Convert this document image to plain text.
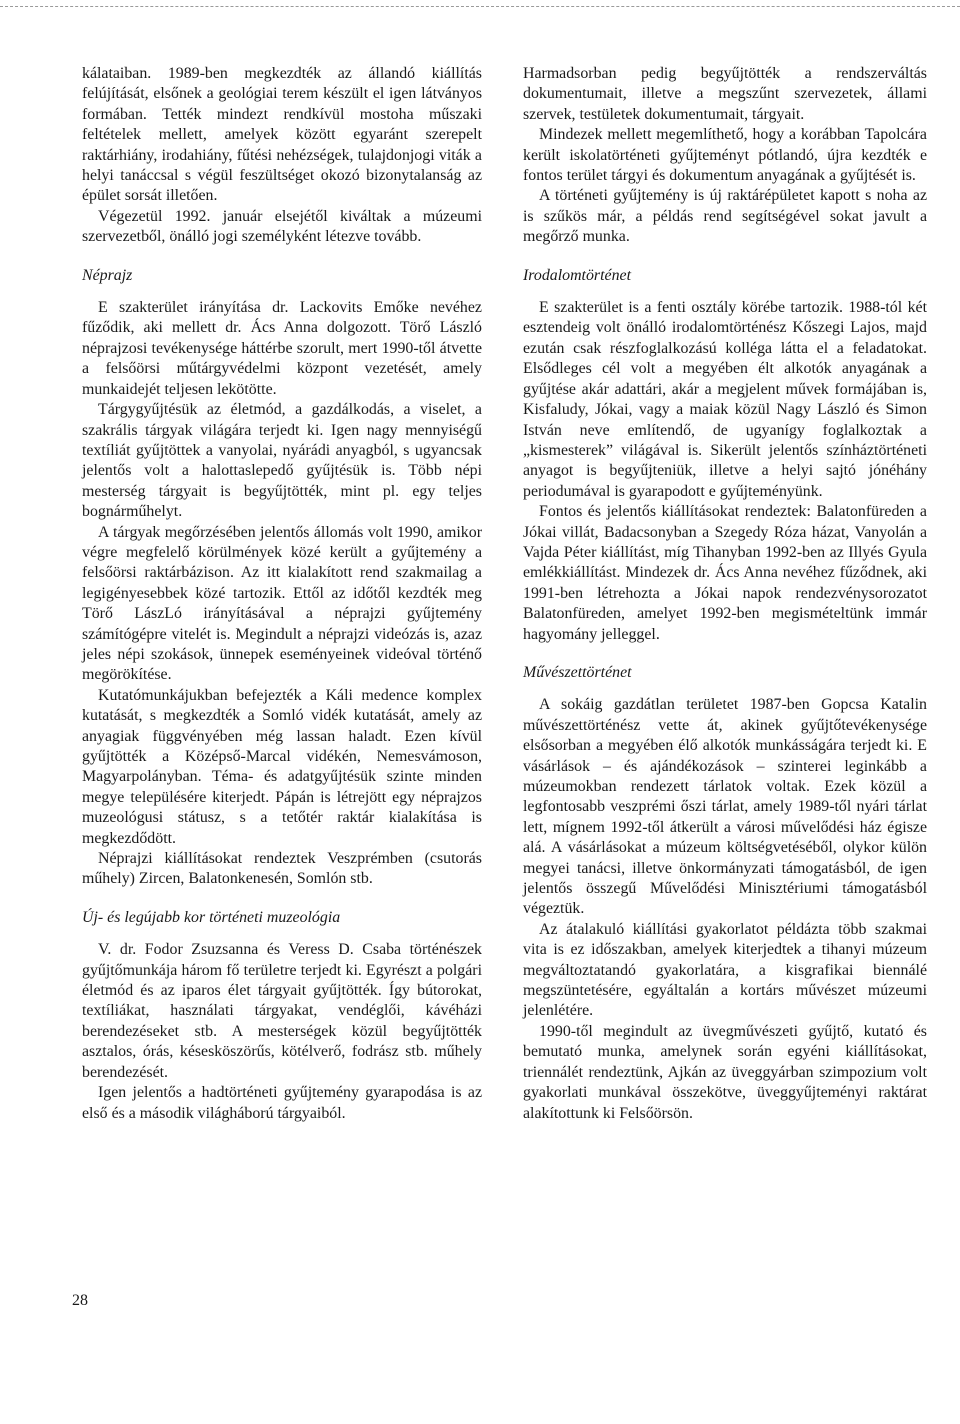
kálataiban. 1989-ben megkezdték az állandó kiállítás felújítását, elsőnek a geológiai terem készült el igen látványos formában. Tették mindezt rendkívül mostoha műszaki feltételek mellett, amelyek között egyaránt szerepelt raktárhiány, irodahiány, fűtési nehézségek, tulajdonjogi viták a helyi tanáccsal s végül feszültséget okozó bizonytalanság az épület sorsát illetően.

Végezetül 1992. január elsejétől kiváltak a múzeumi szervezetből, önálló jogi személyként létezve tovább.

Néprajz

E szakterület irányítása dr. Lackovits Emőke nevéhez fűződik, aki mellett dr. Ács Anna dolgozott. Törő László néprajzosi tevékenysége háttérbe szorult, mert 1990-től átvette a felsőörsi műtárgyvédelmi központ vezetését, amely munkaidejét teljesen lekötötte.

Tárgygyűjtésük az életmód, a gazdálkodás, a viselet, a szakrális tárgyak világára terjedt ki. Igen nagy mennyiségű textíliát gyűjtöttek a vanyolai, nyárádi anyagból, s ugyancsak jelentős volt a halottaslepedő gyűjtésük is. Több népi mesterség tárgyait is begyűjtötték, mint pl. egy teljes bognárműhelyt.

A tárgyak megőrzésében jelentős állomás volt 1990, amikor végre megfelelő körülmények közé került a gyűjtemény a felsőörsi raktárbázison. Az itt kialakított rend szakmailag a legigényesebbek közé tartozik. Ettől az időtől kezdték meg Törő LászLó irányításával a néprajzi gyűjtemény számítógépre vitelét is. Megindult a néprajzi videózás is, azaz jeles népi szokások, ünnepek eseményeinek videóval történő megörökítése.

Kutatómunkájukban befejezték a Káli medence komplex kutatását, s megkezdték a Somló vidék kutatását, amely az anyagiak függvényében még lassan haladt. Ezen kívül gyűjtötték a Középső-Marcal vidékén, Nemesvámoson, Magyarpolányban. Téma- és adatgyűjtésük szinte minden megye településére kiterjedt. Pápán is létrejött egy néprajzos muzeológusi státusz, s a tetőtér raktár kialakítása is megkezdődött.

Néprajzi kiállításokat rendeztek Veszprémben (csutorás műhely) Zircen, Balatonkenesén, Somlón stb.

Új- és legújabb kor történeti muzeológia

V. dr. Fodor Zsuzsanna és Veress D. Csaba történészek gyűjtőmunkája három fő területre terjedt ki. Egyrészt a polgári életmód és az iparos élet tárgyait gyűjtötték. Így bútorokat, textíliákat, használati tárgyakat, vendéglői, kávéházi berendezéseket stb. A mesterségek közül begyűjtötték asztalos, órás, késesköszörűs, kötélverő, fodrász stb. műhely berendezését.

Igen jelentős a hadtörténeti gyűjtemény gyarapodása is az első és a második világháború tárgyaiból.

Harmadsorban pedig begyűjtötték a rendszerváltás dokumentumait, illetve a megszűnt szervezetek, állami szervek, testületek dokumentumait, tárgyait.

Mindezek mellett megemlíthető, hogy a korábban Tapolcára került iskolatörténeti gyűjteményt pótlandó, újra kezdték e fontos terület tárgyi és dokumentum anyagának a gyűjtését is.

A történeti gyűjtemény is új raktárépületet kapott s noha az is szűkös már, a példás rend segítségével sokat javult a megőrző munka.

Irodalomtörténet

E szakterület is a fenti osztály körébe tartozik. 1988-tól két esztendeig volt önálló irodalomtörténész Kőszegi Lajos, majd ezután csak részfoglalkozású kolléga látta el a feladatokat. Elsődleges cél volt a megyében élt alkotók anyagának a gyűjtése akár adattári, akár a megjelent művek formájában is, Kisfaludy, Jókai, vagy a maiak közül Nagy László és Simon István neve említendő, de ugyanígy foglalkoztak a „kismesterek” világával is. Sikerült jelentős színháztörténeti anyagot is begyűjteniük, illetve a helyi sajtó jónéhány periodumával is gyarapodott e gyűjteményünk.

Fontos és jelentős kiállításokat rendeztek: Balatonfüreden a Jókai villát, Badacsonyban a Szegedy Róza házat, Vanyolán a Vajda Péter kiállítást, míg Tihanyban 1992-ben az Illyés Gyula emlékkiállítást. Mindezek dr. Ács Anna nevéhez fűződnek, aki 1991-ben létrehozta a Jókai napok rendezvénysorozatot Balatonfüreden, amelyet 1992-ben megismételtünk immár hagyomány jelleggel.

Művészettörténet

A sokáig gazdátlan területet 1987-ben Gopcsa Katalin művészettörténész vette át, akinek gyűjtőtevékenysége elsősorban a megyében élő alkotók munkásságára terjedt ki. E vásárlások – és ajándékozások – szinterei leginkább a múzeumokban rendezett tárlatok voltak. Ezek közül a legfontosabb veszprémi őszi tárlat, amely 1989-től nyári tárlat lett, mígnem 1992-től átkerült a városi művelődési ház égisze alá. A vásárlásokat a múzeum költségvetéséből, olykor külön megyei tanácsi, illetve önkormányzati támogatásból, de igen jelentős összegű Művelődési Minisztériumi támogatásból végeztük.

Az átalakuló kiállítási gyakorlatot példázta több szakmai vita is ez időszakban, amelyek kiterjedtek a tihanyi múzeum megváltoztatandó gyakorlatára, a kisgrafikai biennálé megszüntetésére, egyáltalán a kortárs művészet múzeumi jelenlétére.

1990-től megindult az üvegművészeti gyűjtő, kutató és bemutató munka, amelynek során egyéni kiállításokat, triennálét rendeztünk, Ajkán az üveggyárban szimpozium volt gyakorlati munkával összekötve, üveggyűjteményi raktárat alakítottunk ki Felsőörsön.

28
